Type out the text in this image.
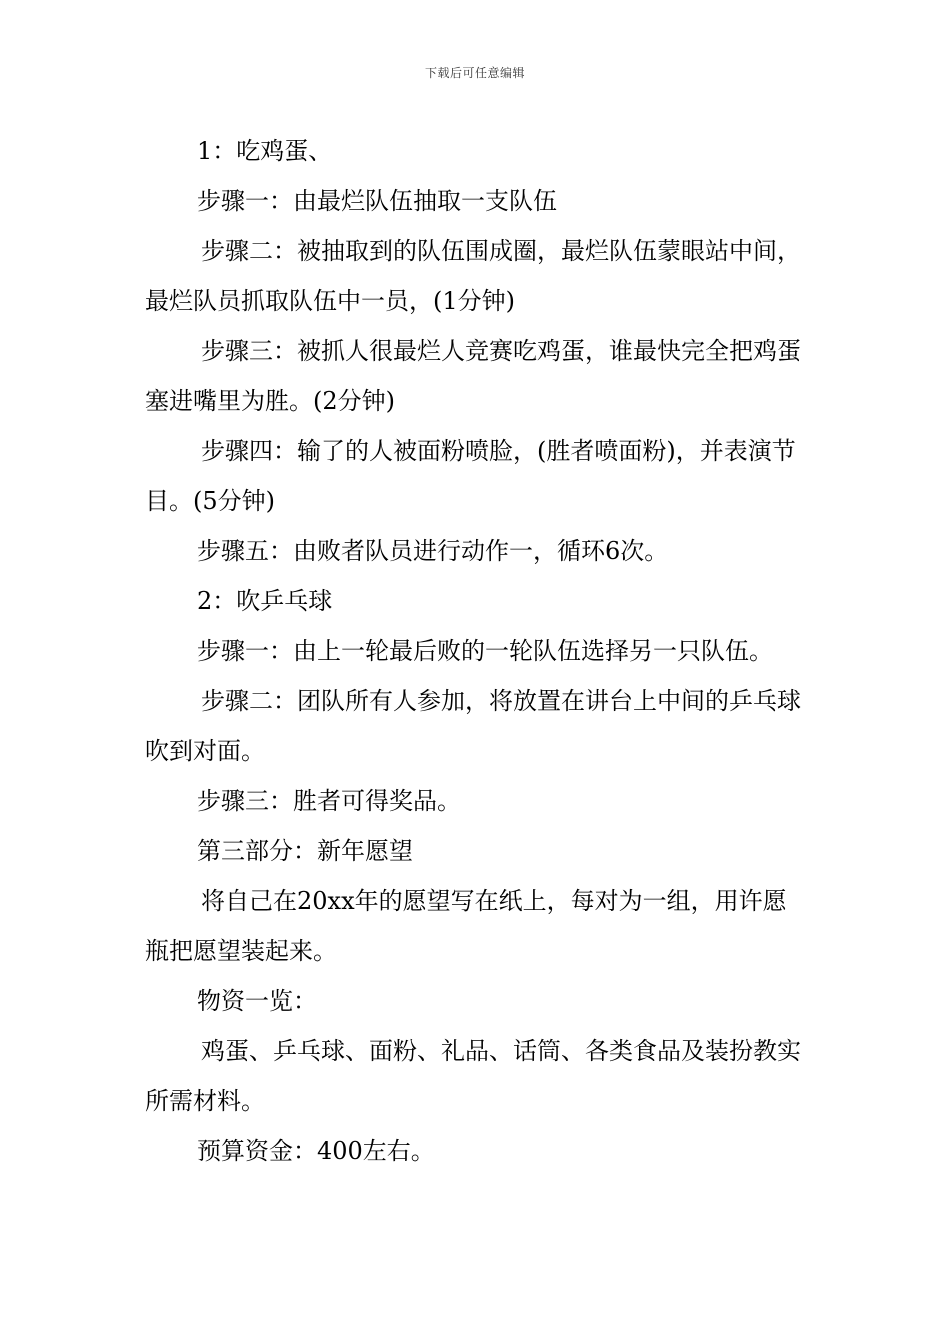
下载后可任意编辑

1：吃鸡蛋、

步骤一：由最烂队伍抽取一支队伍

步骤二：被抽取到的队伍围成圈，最烂队伍蒙眼站中间，最烂队员抓取队伍中一员，(1分钟)

步骤三：被抓人很最烂人竞赛吃鸡蛋，谁最快完全把鸡蛋塞进嘴里为胜。(2分钟)

步骤四：输了的人被面粉喷脸，(胜者喷面粉)，并表演节目。(5分钟)

步骤五：由败者队员进行动作一，循环6次。

2：吹乒乓球

步骤一：由上一轮最后败的一轮队伍选择另一只队伍。

步骤二：团队所有人参加，将放置在讲台上中间的乒乓球吹到对面。

步骤三：胜者可得奖品。

第三部分：新年愿望

将自己在20xx年的愿望写在纸上，每对为一组，用许愿瓶把愿望装起来。

物资一览：

鸡蛋、乒乓球、面粉、礼品、话筒、各类食品及装扮教实所需材料。

预算资金：400左右。
